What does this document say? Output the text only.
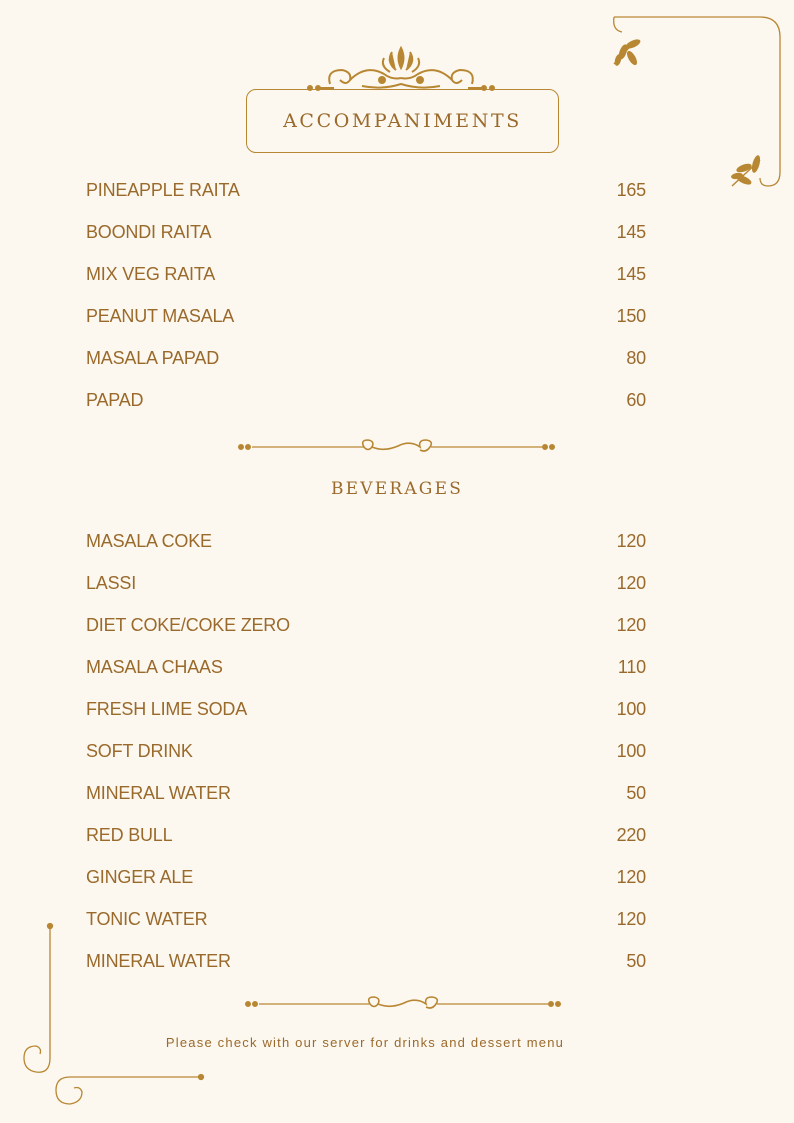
ACCOMPANIMENTS
PINEAPPLE RAITA	165
BOONDI RAITA	145
MIX VEG RAITA	145
PEANUT MASALA	150
MASALA PAPAD	80
PAPAD	60
BEVERAGES
MASALA COKE	120
LASSI	120
DIET COKE/COKE ZERO	120
MASALA CHAAS	110
FRESH LIME SODA	100
SOFT DRINK	100
MINERAL WATER	50
RED BULL	220
GINGER ALE	120
TONIC WATER	120
MINERAL WATER	50
Please check with our server for drinks and dessert menu
